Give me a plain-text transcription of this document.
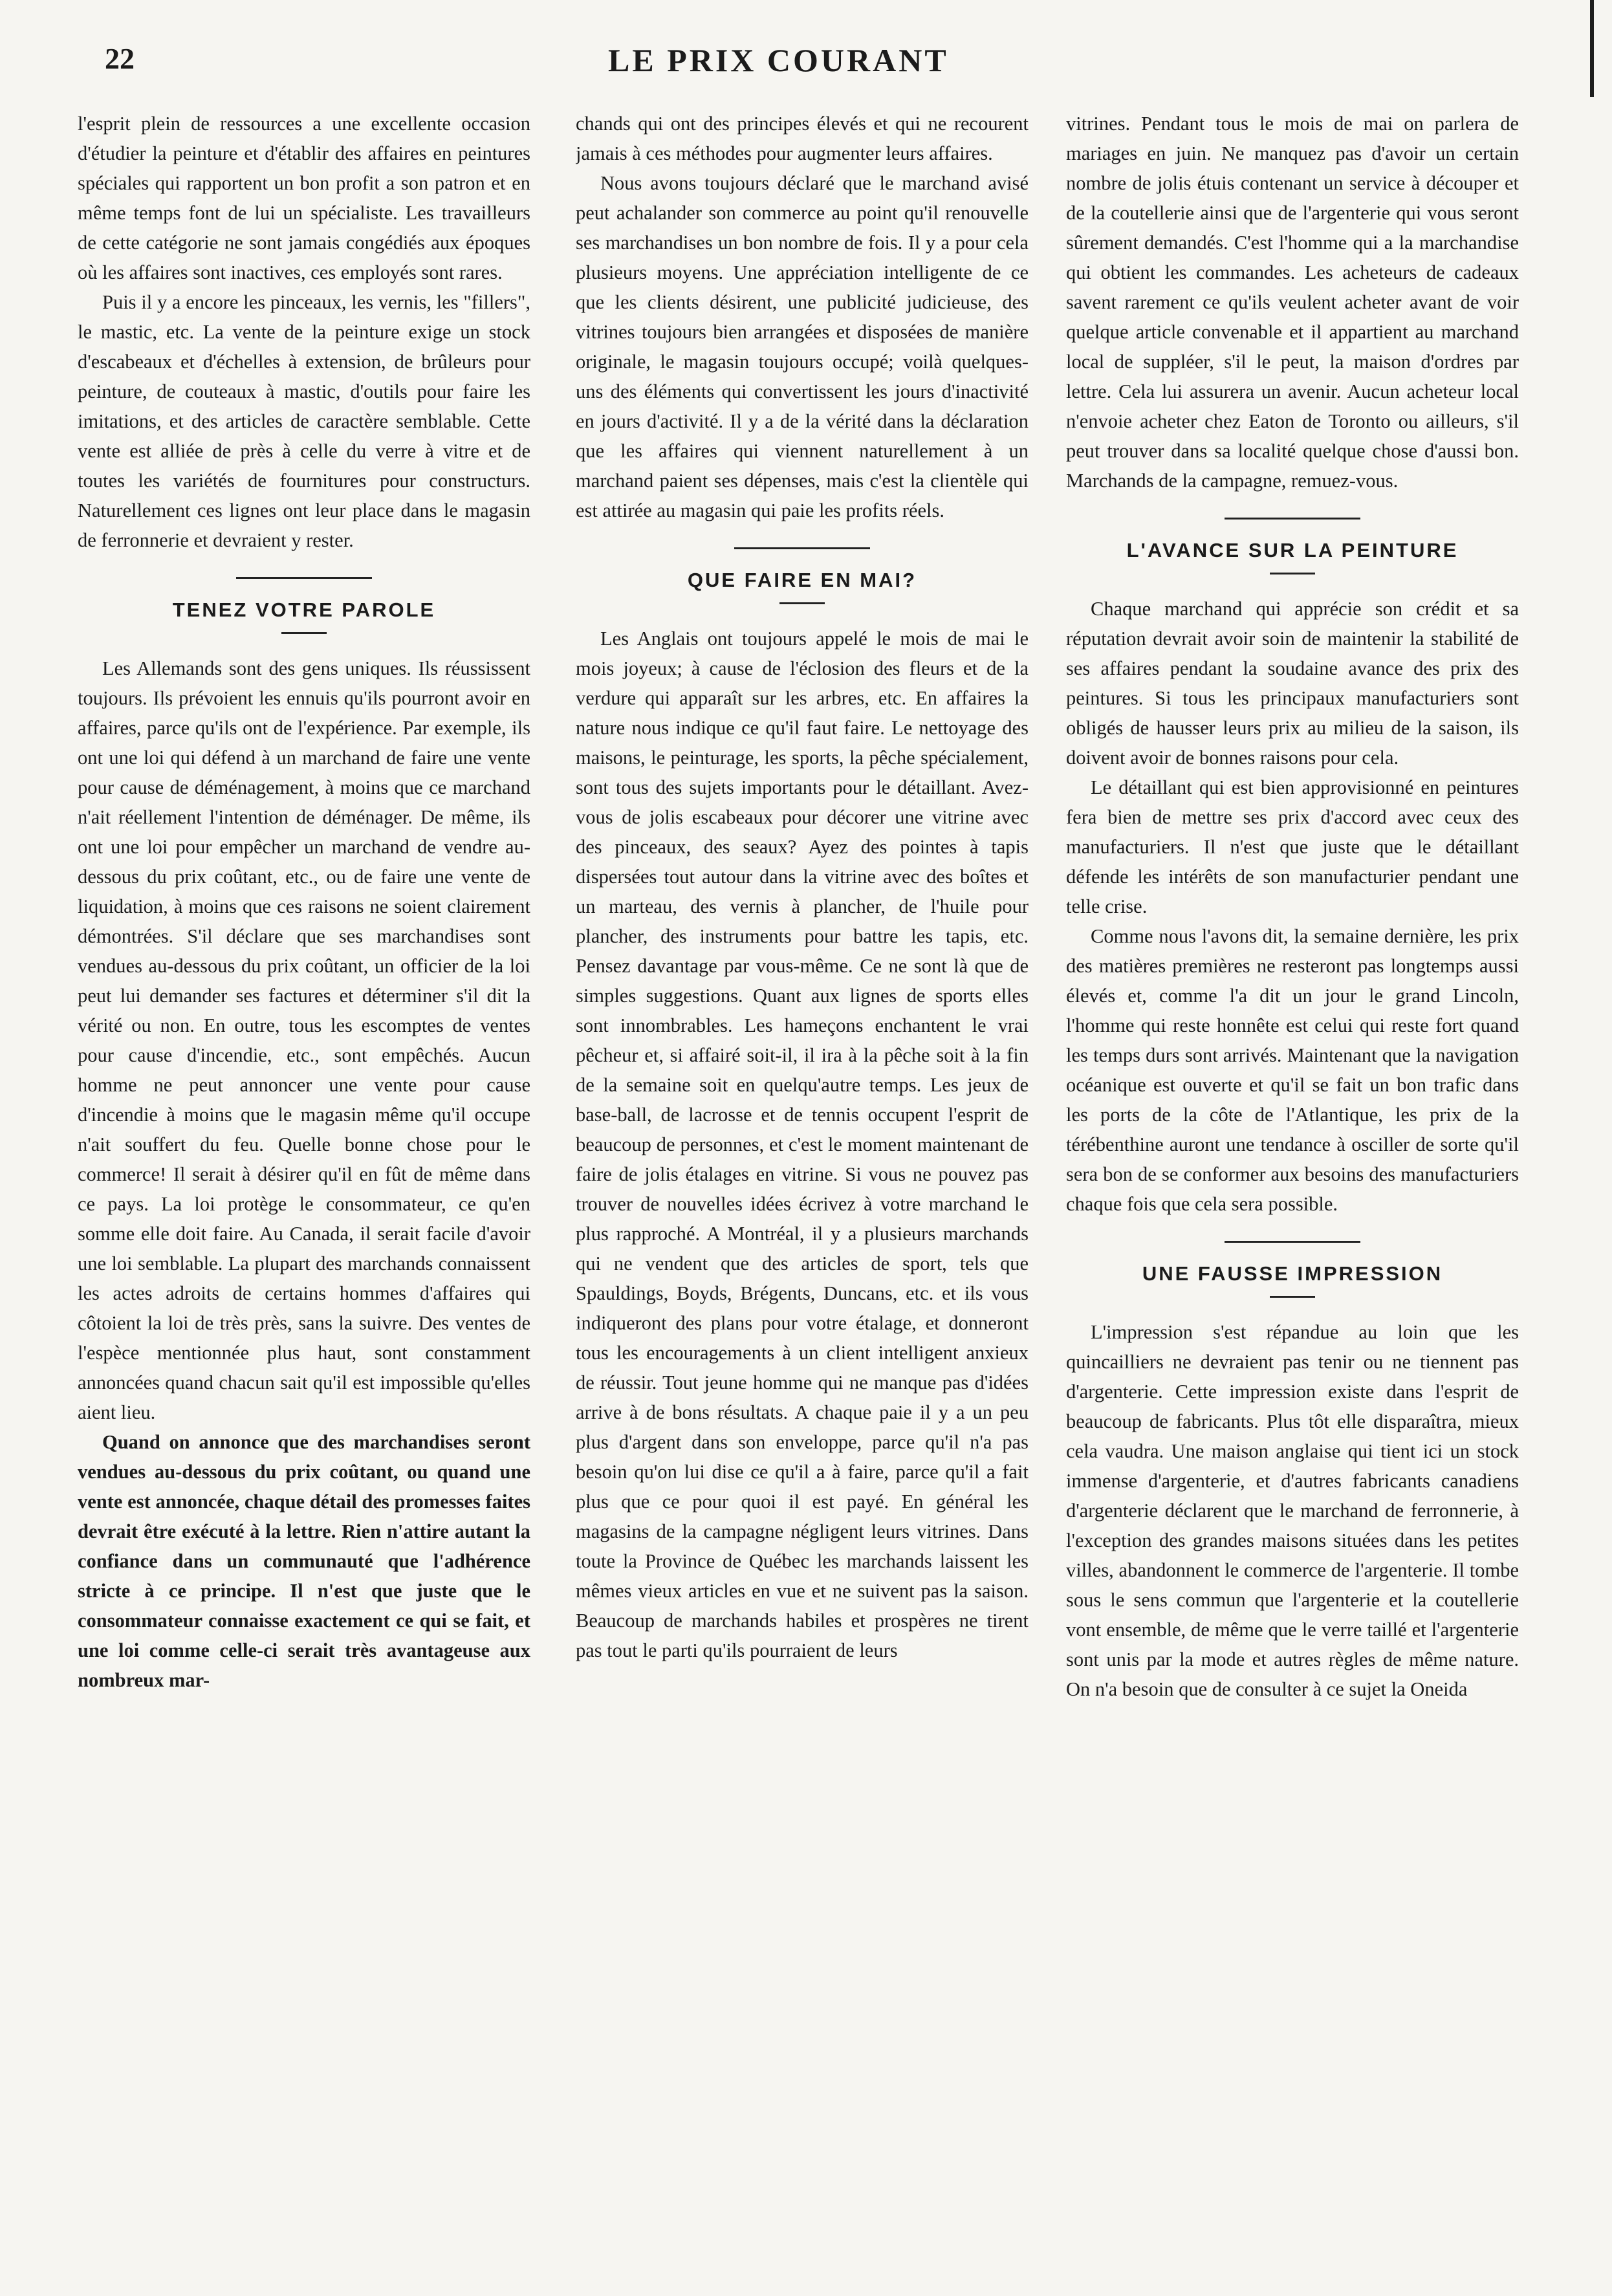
22	LE PRIX COURANT

l'esprit plein de ressources a une excellente occasion d'étudier la peinture et d'établir des affaires en peintures spéciales qui rapportent un bon profit a son patron et en même temps font de lui un spécialiste. Les travailleurs de cette catégorie ne sont jamais congédiés aux époques où les affaires sont inactives, ces employés sont rares.

Puis il y a encore les pinceaux, les vernis, les "fillers", le mastic, etc. La vente de la peinture exige un stock d'escabeaux et d'échelles à extension, de brûleurs pour peinture, de couteaux à mastic, d'outils pour faire les imitations, et des articles de caractère semblable. Cette vente est alliée de près à celle du verre à vitre et de toutes les variétés de fournitures pour constructurs. Naturellement ces lignes ont leur place dans le magasin de ferronnerie et devraient y rester.

TENEZ VOTRE PAROLE

Les Allemands sont des gens uniques. Ils réussissent toujours. Ils prévoient les ennuis qu'ils pourront avoir en affaires, parce qu'ils ont de l'expérience. Par exemple, ils ont une loi qui défend à un marchand de faire une vente pour cause de déménagement, à moins que ce marchand n'ait réellement l'intention de déménager. De même, ils ont une loi pour empêcher un marchand de vendre au-dessous du prix coûtant, etc., ou de faire une vente de liquidation, à moins que ces raisons ne soient clairement démontrées. S'il déclare que ses marchandises sont vendues au-dessous du prix coûtant, un officier de la loi peut lui demander ses factures et déterminer s'il dit la vérité ou non. En outre, tous les escomptes de ventes pour cause d'incendie, etc., sont empêchés. Aucun homme ne peut annoncer une vente pour cause d'incendie à moins que le magasin même qu'il occupe n'ait souffert du feu. Quelle bonne chose pour le commerce! Il serait à désirer qu'il en fût de même dans ce pays. La loi protège le consommateur, ce qu'en somme elle doit faire. Au Canada, il serait facile d'avoir une loi semblable. La plupart des marchands connaissent les actes adroits de certains hommes d'affaires qui côtoient la loi de très près, sans la suivre. Des ventes de l'espèce mentionnée plus haut, sont constamment annoncées quand chacun sait qu'il est impossible qu'elles aient lieu.

Quand on annonce que des marchandises seront vendues au-dessous du prix coûtant, ou quand une vente est annoncée, chaque détail des promesses faites devrait être exécuté à la lettre. Rien n'attire autant la confiance dans un communauté que l'adhérence stricte à ce principe. Il n'est que juste que le consommateur connaisse exactement ce qui se fait, et une loi comme celle-ci serait très avantageuse aux nombreux mar-

chands qui ont des principes élevés et qui ne recourent jamais à ces méthodes pour augmenter leurs affaires.

Nous avons toujours déclaré que le marchand avisé peut achalander son commerce au point qu'il renouvelle ses marchandises un bon nombre de fois. Il y a pour cela plusieurs moyens. Une appréciation intelligente de ce que les clients désirent, une publicité judicieuse, des vitrines toujours bien arrangées et disposées de manière originale, le magasin toujours occupé; voilà quelques-uns des éléments qui convertissent les jours d'inactivité en jours d'activité. Il y a de la vérité dans la déclaration que les affaires qui viennent naturellement à un marchand paient ses dépenses, mais c'est la clientèle qui est attirée au magasin qui paie les profits réels.

QUE FAIRE EN MAI?

Les Anglais ont toujours appelé le mois de mai le mois joyeux; à cause de l'éclosion des fleurs et de la verdure qui apparaît sur les arbres, etc. En affaires la nature nous indique ce qu'il faut faire. Le nettoyage des maisons, le peinturage, les sports, la pêche spécialement, sont tous des sujets importants pour le détaillant. Avez-vous de jolis escabeaux pour décorer une vitrine avec des pinceaux, des seaux? Ayez des pointes à tapis dispersées tout autour dans la vitrine avec des boîtes et un marteau, des vernis à plancher, de l'huile pour plancher, des instruments pour battre les tapis, etc. Pensez davantage par vous-même. Ce ne sont là que de simples suggestions. Quant aux lignes de sports elles sont innombrables. Les hameçons enchantent le vrai pêcheur et, si affairé soit-il, il ira à la pêche soit à la fin de la semaine soit en quelqu'autre temps. Les jeux de base-ball, de lacrosse et de tennis occupent l'esprit de beaucoup de personnes, et c'est le moment maintenant de faire de jolis étalages en vitrine. Si vous ne pouvez pas trouver de nouvelles idées écrivez à votre marchand le plus rapproché. A Montréal, il y a plusieurs marchands qui ne vendent que des articles de sport, tels que Spauldings, Boyds, Brégents, Duncans, etc. et ils vous indiqueront des plans pour votre étalage, et donneront tous les encouragements à un client intelligent anxieux de réussir. Tout jeune homme qui ne manque pas d'idées arrive à de bons résultats. A chaque paie il y a un peu plus d'argent dans son enveloppe, parce qu'il n'a pas besoin qu'on lui dise ce qu'il a à faire, parce qu'il a fait plus que ce pour quoi il est payé. En général les magasins de la campagne négligent leurs vitrines. Dans toute la Province de Québec les marchands laissent les mêmes vieux articles en vue et ne suivent pas la saison. Beaucoup de marchands habiles et prospères ne tirent pas tout le parti qu'ils pourraient de leurs

vitrines. Pendant tous le mois de mai on parlera de mariages en juin. Ne manquez pas d'avoir un certain nombre de jolis étuis contenant un service à découper et de la coutellerie ainsi que de l'argenterie qui vous seront sûrement demandés. C'est l'homme qui a la marchandise qui obtient les commandes. Les acheteurs de cadeaux savent rarement ce qu'ils veulent acheter avant de voir quelque article convenable et il appartient au marchand local de suppléer, s'il le peut, la maison d'ordres par lettre. Cela lui assurera un avenir. Aucun acheteur local n'envoie acheter chez Eaton de Toronto ou ailleurs, s'il peut trouver dans sa localité quelque chose d'aussi bon. Marchands de la campagne, remuez-vous.

L'AVANCE SUR LA PEINTURE

Chaque marchand qui apprécie son crédit et sa réputation devrait avoir soin de maintenir la stabilité de ses affaires pendant la soudaine avance des prix des peintures. Si tous les principaux manufacturiers sont obligés de hausser leurs prix au milieu de la saison, ils doivent avoir de bonnes raisons pour cela.

Le détaillant qui est bien approvisionné en peintures fera bien de mettre ses prix d'accord avec ceux des manufacturiers. Il n'est que juste que le détaillant défende les intérêts de son manufacturier pendant une telle crise.

Comme nous l'avons dit, la semaine dernière, les prix des matières premières ne resteront pas longtemps aussi élevés et, comme l'a dit un jour le grand Lincoln, l'homme qui reste honnête est celui qui reste fort quand les temps durs sont arrivés. Maintenant que la navigation océanique est ouverte et qu'il se fait un bon trafic dans les ports de la côte de l'Atlantique, les prix de la térébenthine auront une tendance à osciller de sorte qu'il sera bon de se conformer aux besoins des manufacturiers chaque fois que cela sera possible.

UNE FAUSSE IMPRESSION

L'impression s'est répandue au loin que les quincailliers ne devraient pas tenir ou ne tiennent pas d'argenterie. Cette impression existe dans l'esprit de beaucoup de fabricants. Plus tôt elle disparaîtra, mieux cela vaudra. Une maison anglaise qui tient ici un stock immense d'argenterie, et d'autres fabricants canadiens d'argenterie déclarent que le marchand de ferronnerie, à l'exception des grandes maisons situées dans les petites villes, abandonnent le commerce de l'argenterie. Il tombe sous le sens commun que l'argenterie et la coutellerie vont ensemble, de même que le verre taillé et l'argenterie sont unis par la mode et autres règles de même nature. On n'a besoin que de consulter à ce sujet la Oneida
